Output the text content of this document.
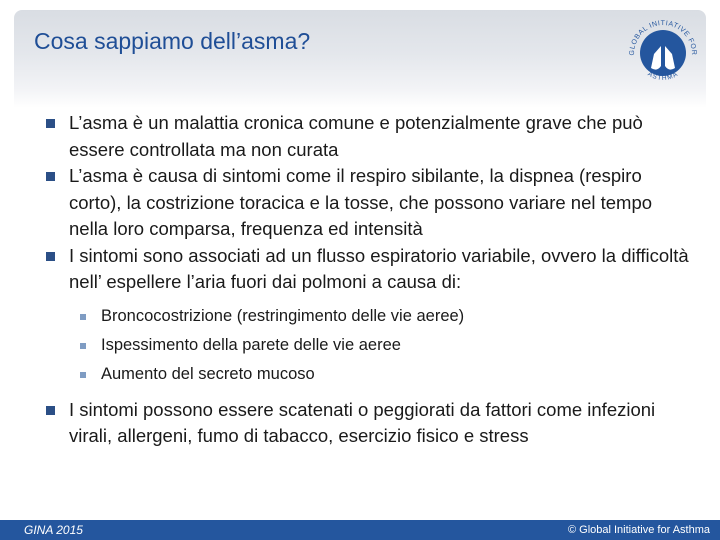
Cosa sappiamo dell’asma?	GLOBAL INITIATIVE FOR
ASTHMA
L’asma è un malattia cronica comune e potenzialmente grave che può essere controllata ma non curata
L’asma è causa di sintomi come il respiro sibilante, la dispnea (respiro corto), la costrizione toracica e la tosse, che possono variare nel tempo nella loro comparsa, frequenza ed intensità
I sintomi sono associati ad un flusso espiratorio variabile, ovvero la difficoltà nell’ espellere l’aria fuori dai polmoni a causa di:
Broncocostrizione (restringimento delle vie aeree)
Ispessimento della parete delle vie aeree
Aumento del secreto mucoso
I sintomi possono essere scatenati o peggiorati da fattori come infezioni virali, allergeni, fumo di tabacco, esercizio fisico e stress
GINA 2015	© Global Initiative for Asthma
